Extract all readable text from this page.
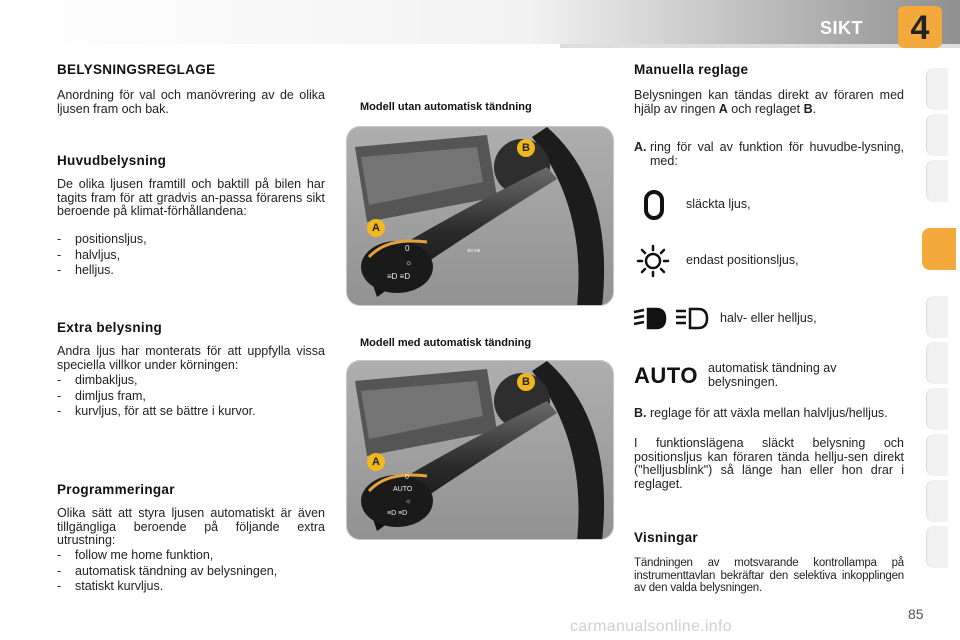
SIKT	4
BELYSNINGSREGLAGE
Anordning för val och manövrering av de olika ljusen fram och bak.
Huvudbelysning
De olika ljusen framtill och baktill på bilen har tagits fram för att gradvis an-passa förarens sikt beroende på klimat-förhållandena:
-	positionsljus,
-	halvljus,
-	helljus.
Extra belysning
Andra ljus har monterats för att uppfylla vissa speciella villkor under körningen:
-	dimbakljus,
-	dimljus fram,
-	kurvljus, för att se bättre i kurvor.
Programmeringar
Olika sätt att styra ljusen automatiskt är även tillgängliga beroende på följande extra utrustning:
-	follow me home funktion,
-	automatisk tändning av belysningen,
-	statiskt kurvljus.
Modell utan automatisk tändning
0
☼
≡D ≡D
⇐⇒
A
B
Modell med automatisk tändning
0
AUTO
☼
≡D ≡D
A
B
Manuella reglage
Belysningen kan tändas direkt av föraren med hjälp av ringen A och reglaget B.
A. ring för val av funktion för huvudbe-lysning, med:
släckta ljus,
endast positionsljus,
halv- eller helljus,
AUTO automatisk tändning av belysningen.
B. reglage för att växla mellan halvljus/helljus.
I funktionslägena släckt belysning och positionsljus kan föraren tända hellju-sen direkt ("helljusblink") så länge han eller hon drar i reglaget.
Visningar
Tändningen av motsvarande kontrollampa på instrumenttavlan bekräftar den selektiva inkopplingen av den valda belysningen.
85
carmanualsonline.info
